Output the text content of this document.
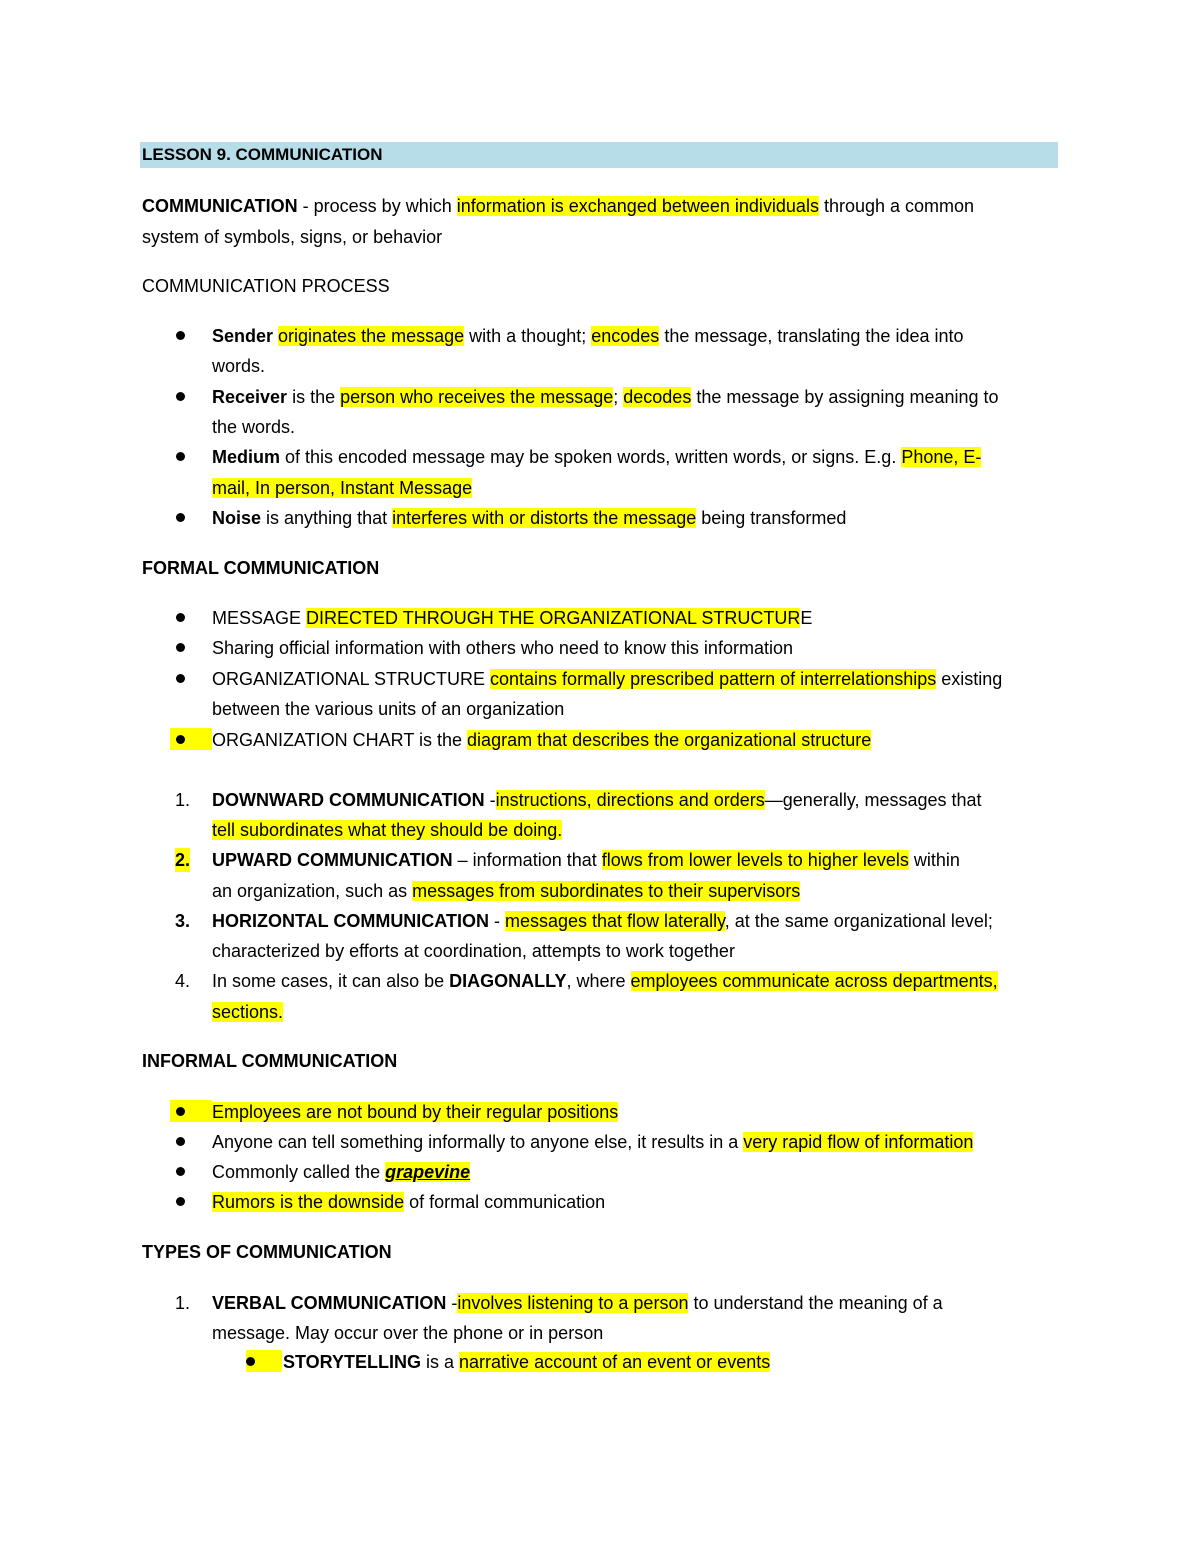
LESSON 9. COMMUNICATION
COMMUNICATION - process by which information is exchanged between individuals through a common
system of symbols, signs, or behavior
COMMUNICATION PROCESS
Sender originates the message with a thought; encodes the message, translating the idea into
words.
Receiver is the person who receives the message; decodes the message by assigning meaning to
the words.
Medium of this encoded message may be spoken words, written words, or signs. E.g. Phone, E-
mail, In person, Instant Message
Noise is anything that interferes with or distorts the message being transformed
FORMAL COMMUNICATION
MESSAGE DIRECTED THROUGH THE ORGANIZATIONAL STRUCTURE
Sharing official information with others who need to know this information
ORGANIZATIONAL STRUCTURE contains formally prescribed pattern of interrelationships existing
between the various units of an organization
ORGANIZATION CHART is the diagram that describes the organizational structure
1. DOWNWARD COMMUNICATION -instructions, directions and orders—generally, messages that
tell subordinates what they should be doing.
2. UPWARD COMMUNICATION – information that flows from lower levels to higher levels within
an organization, such as messages from subordinates to their supervisors
3. HORIZONTAL COMMUNICATION - messages that flow laterally, at the same organizational level;
characterized by efforts at coordination, attempts to work together
4. In some cases, it can also be DIAGONALLY, where employees communicate across departments,
sections.
INFORMAL COMMUNICATION
Employees are not bound by their regular positions
Anyone can tell something informally to anyone else, it results in a very rapid flow of information
Commonly called the grapevine
Rumors is the downside of formal communication
TYPES OF COMMUNICATION
1. VERBAL COMMUNICATION -involves listening to a person to understand the meaning of a
message. May occur over the phone or in person
STORYTELLING is a narrative account of an event or events
